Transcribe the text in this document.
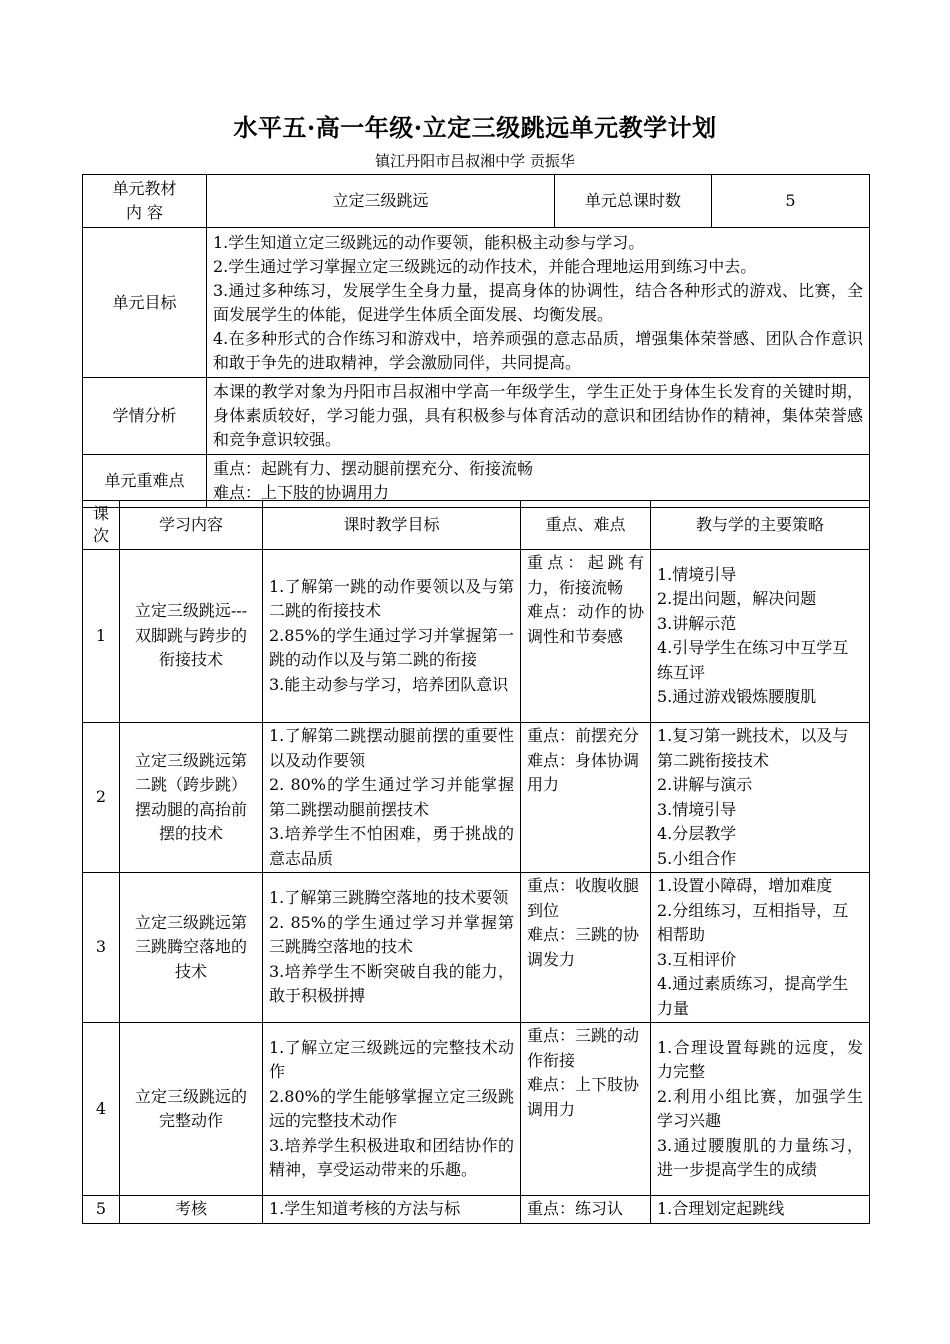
水平五·高一年级·立定三级跳远单元教学计划
镇江丹阳市吕叔湘中学 贡振华
单元教材
内 容	立定三级跳远	单元总课时数	5
单元目标	1.学生知道立定三级跳远的动作要领，能积极主动参与学习。
2.学生通过学习掌握立定三级跳远的动作技术，并能合理地运用到练习中去。
3.通过多种练习，发展学生全身力量，提高身体的协调性，结合各种形式的游戏、比赛，全面发展学生的体能，促进学生体质全面发展、均衡发展。
4.在多种形式的合作练习和游戏中，培养顽强的意志品质，增强集体荣誉感、团队合作意识和敢于争先的进取精神，学会激励同伴，共同提高。		
学情分析	本课的教学对象为丹阳市吕叔湘中学高一年级学生，学生正处于身体生长发育的关键时期，身体素质较好，学习能力强，具有积极参与体育活动的意识和团结协作的精神，集体荣誉感和竞争意识较强。		
单元重难点	重点：起跳有力、摆动腿前摆充分、衔接流畅
难点：上下肢的协调用力		
课
次	学习内容	课时教学目标	重点、难点	教与学的主要策略
1	立定三级跳远---双脚跳与跨步的衔接技术	1.了解第一跳的动作要领以及与第二跳的衔接技术
2.85%的学生通过学习并掌握第一跳的动作以及与第二跳的衔接
3.能主动参与学习，培养团队意识	重点：起跳有力，衔接流畅
难点：动作的协调性和节奏感	1.情境引导
2.提出问题，解决问题
3.讲解示范
4.引导学生在练习中互学互练互评
5.通过游戏锻炼腰腹肌
2	立定三级跳远第二跳（跨步跳）摆动腿的高抬前摆的技术	1.了解第二跳摆动腿前摆的重要性以及动作要领
2. 80%的学生通过学习并能掌握第二跳摆动腿前摆技术
3.培养学生不怕困难，勇于挑战的意志品质	重点：前摆充分
难点：身体协调用力	1.复习第一跳技术，以及与第二跳衔接技术
2.讲解与演示
3.情境引导
4.分层教学
5.小组合作
3	立定三级跳远第三跳腾空落地的技术	1.了解第三跳腾空落地的技术要领
2. 85%的学生通过学习并掌握第三跳腾空落地的技术
3.培养学生不断突破自我的能力，敢于积极拼搏	重点：收腹收腿到位
难点：三跳的协调发力	1.设置小障碍，增加难度
2.分组练习，互相指导，互相帮助
3.互相评价
4.通过素质练习，提高学生力量
4	立定三级跳远的完整动作	1.了解立定三级跳远的完整技术动作
2.80%的学生能够掌握立定三级跳远的完整技术动作
3.培养学生积极进取和团结协作的精神，享受运动带来的乐趣。	重点：三跳的动作衔接
难点：上下肢协调用力	1.合理设置每跳的远度，发力完整
2.利用小组比赛，加强学生学习兴趣
3.通过腰腹肌的力量练习，进一步提高学生的成绩
5	考核	1.学生知道考核的方法与标	重点：练习认	1.合理划定起跳线
